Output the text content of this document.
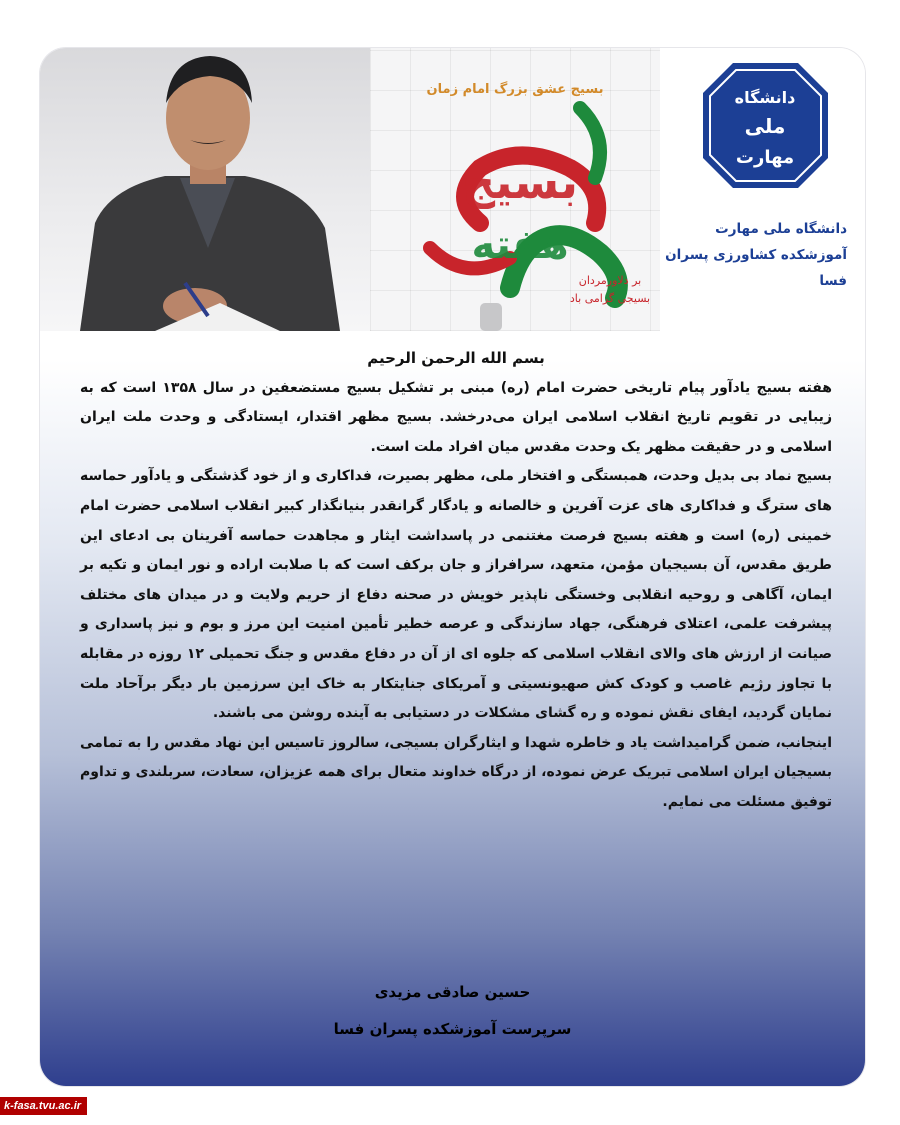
بسیج عشق بزرگ امام زمان
بسیج
هفته
بر دلاورمردان
بسیجی گرامی باد
دانشگاه
ملی
مهارت
دانشگاه ملی مهارت
آموزشکده کشاورزی پسران فسا
بسم الله الرحمن الرحیم

هفته بسیج یادآور پیام تاریخی حضرت امام (ره) مبنی بر تشکیل بسیج مستضعفین در سال ۱۳۵۸ است که به زیبایی در تقویم تاریخ انقلاب اسلامی ایران می‌درخشد. بسیج مظهر اقتدار، ایستادگی و وحدت ملت ایران اسلامی و در حقیقت مظهر یک وحدت مقدس میان افراد ملت است.

بسیج نماد بی بدیل وحدت، همبستگی و افتخار ملی، مظهر بصیرت، فداکاری و از خود گذشتگی و یادآور حماسه های سترگ و فداکاری های عزت آفرین و خالصانه و یادگار گرانقدر بنیانگذار کبیر انقلاب اسلامی حضرت امام خمینی (ره) است و هفته بسیج فرصت مغتنمی در پاسداشت ایثار و مجاهدت حماسه آفرینان بی ادعای این طریق مقدس، آن بسیجیان مؤمن، متعهد، سرافراز و جان برکف است که با صلابت اراده و نور ایمان و تکیه بر ایمان، آگاهی و روحیه انقلابی وخستگی ناپذیر خویش در صحنه دفاع از حریم ولایت و در میدان های مختلف پیشرفت علمی، اعتلای فرهنگی، جهاد سازندگی و عرصه خطیر تأمین امنیت این مرز و بوم و نیز پاسداری و صیانت از ارزش های والای انقلاب اسلامی که جلوه ای از آن در دفاع مقدس و جنگ تحمیلی ۱۲ روزه در مقابله با تجاوز رژیم غاصب و کودک کش صهیونسیتی و آمریکای جنایتکار به خاک این سرزمین بار دیگر برآحاد ملت نمایان گردید، ایفای نقش نموده و ره گشای مشکلات در دستیابی به آینده روشن می باشند.

اینجانب، ضمن گرامیداشت یاد و خاطره شهدا و ایثارگران بسیجی، سالروز تاسیس این نهاد مقدس را به تمامی بسیجیان ایران اسلامی تبریک عرض نموده، از درگاه خداوند متعال برای همه عزیزان، سعادت، سربلندی و تداوم توفیق مسئلت می نمایم.

حسین صادقی مزیدی
سرپرست آموزشکده پسران فسا
k-fasa.tvu.ac.ir
